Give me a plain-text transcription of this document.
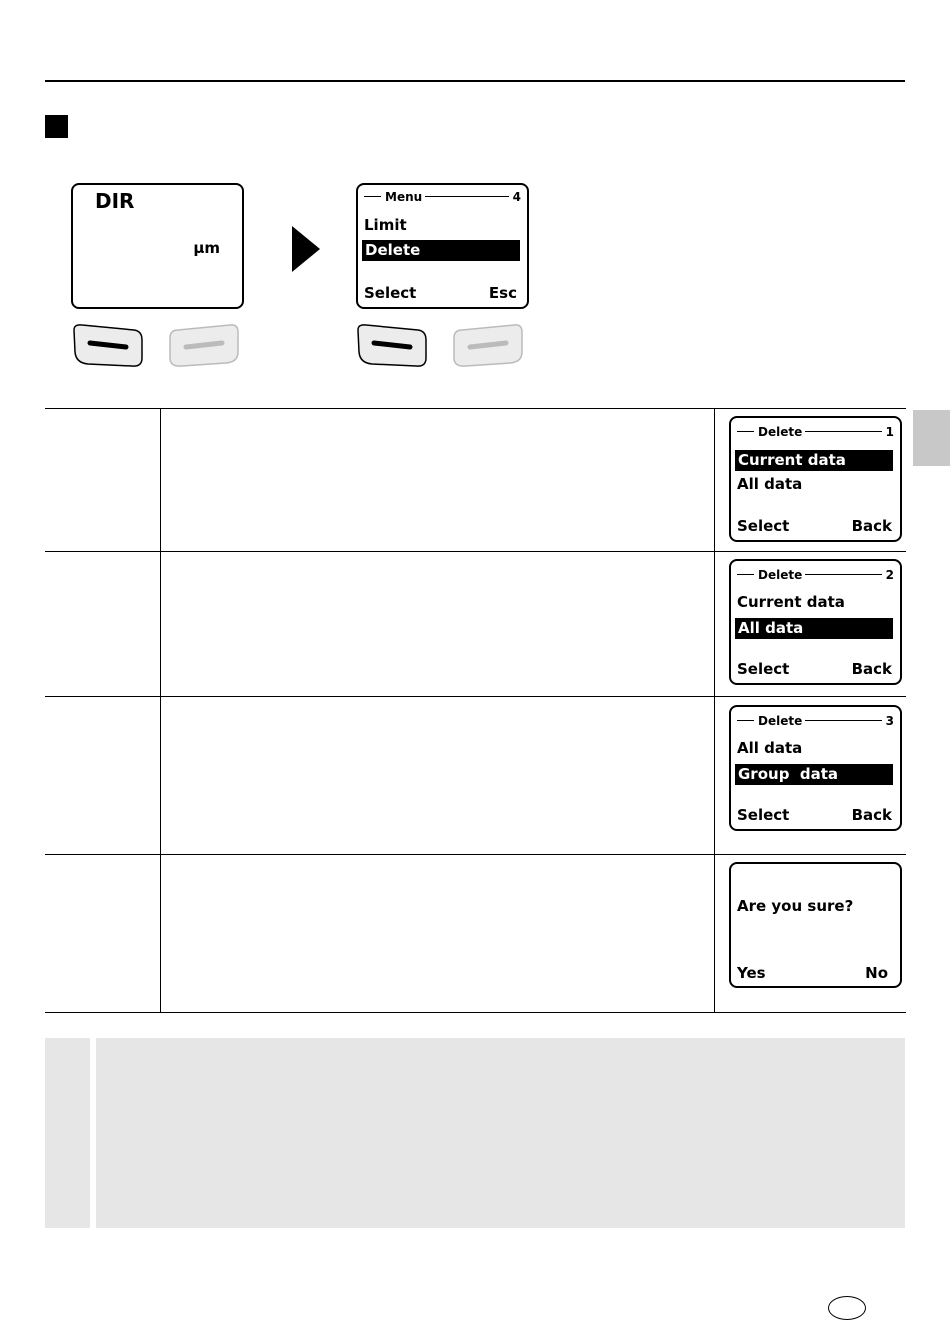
DIR
µm
Menu	4
Limit
Delete
Select	Esc
Delete	1
Current data
All data
Select	Back
Delete	2
Current data
All data
Select	Back
Delete	3
All data
Group  data
Select	Back
Are you sure?
Yes	No
